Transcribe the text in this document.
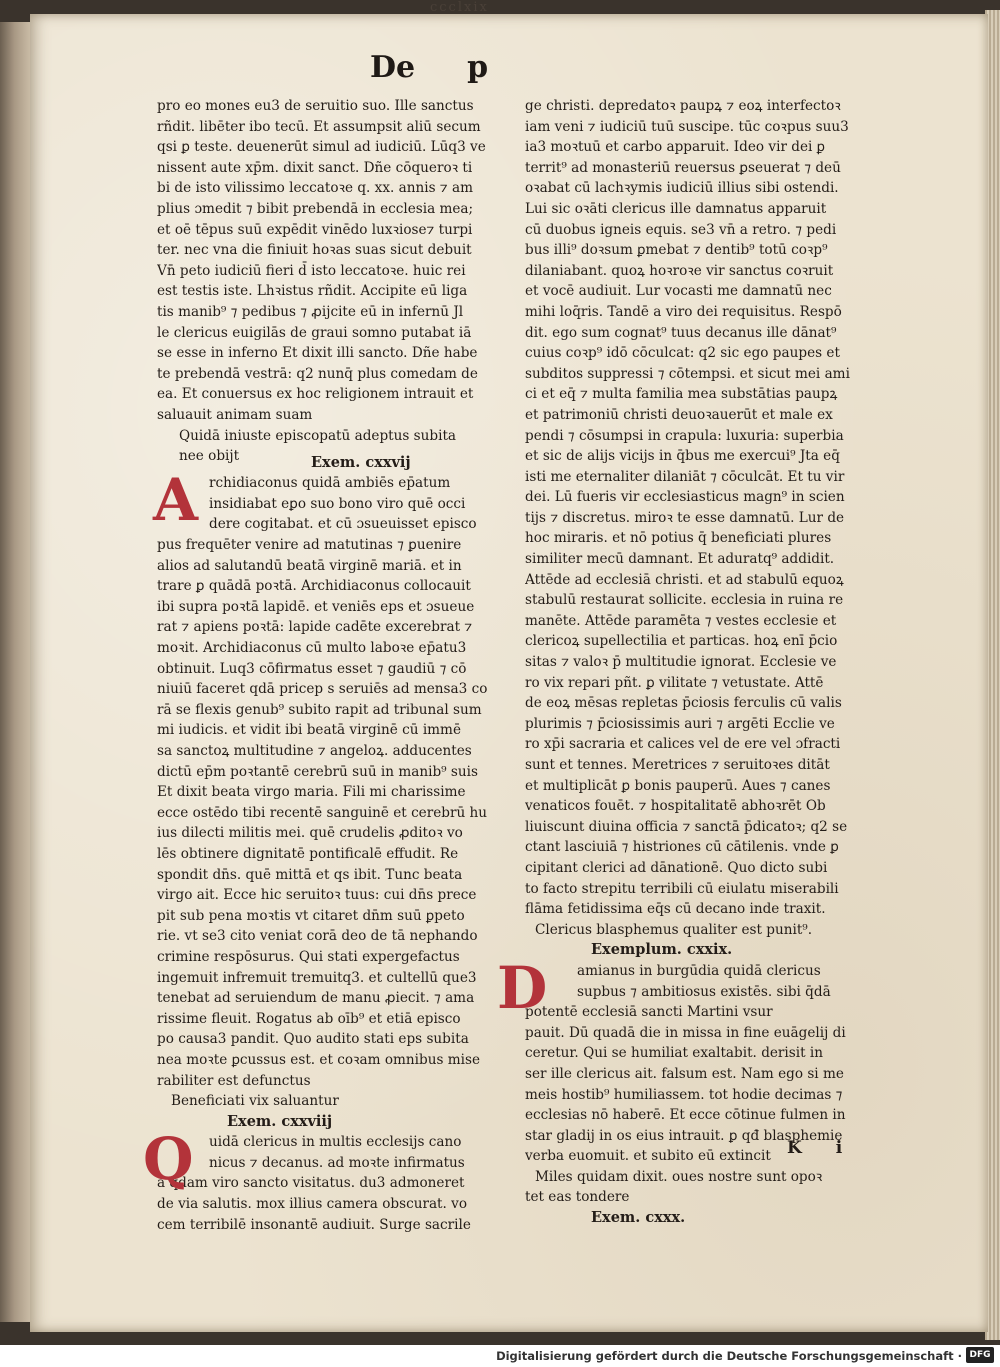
ccclxix
De p
pro eo mones eu3 de seruitio suo. Ille sanctus
rñdit. libēter ibo tecū. Et assumpsit aliū secum
qsi ꝑ teste. deuenerūt simul ad iudiciū. Lūq3 ve
nissent aute xp̄m. dixit sanct. Dñe cōqueroꝛ ti
bi de isto vilissimo leccatoꝛe q. xx. annis ⁊ am
plius ɔmedit ⁊ bibit prebendā in ecclesia mea;
et oē tēpus suū expēdit vinēdo luxꝛiose⁊ turpi
ter. nec vna die finiuit hoꝛas suas sicut debuit
Vn̄ peto iudiciū fieri d̄ isto leccatoꝛe. huic rei
est testis iste. Lhꝛistus rñdit. Accipite eū liga
tis manib⁹ ⁊ pedibus ⁊ ꝓijcite eū in infernū Jl
le clericus euigilās de graui somno putabat iā
se esse in inferno Et dixit illi sancto. Dñe habe
te prebendā vestrā: q2 nunq̄ plus comedam de
ea. Et conuersus ex hoc religionem intrauit et
saluauit animam suam
Quidā iniuste episcopatū adeptus subita
nee obijt	Exem. cxxvij
A rchidiaconus quidā ambiēs ep̄atum
insidiabat eꝑo suo bono viro quē occi
dere cogitabat. et cū ɔsueuisset episco
pus frequēter venire ad matutinas ⁊ ꝑuenire
alios ad salutandū beatā virginē mariā. et in
trare ꝑ quādā poꝛtā. Archidiaconus collocauit
ibi supra poꝛtā lapidē. et veniēs eps et ɔsueue
rat ⁊ apiens poꝛtā: lapide cadēte excerebrat ⁊
moꝛit. Archidiaconus cū multo laboꝛe ep̄atu3
obtinuit. Luq3 cōfirmatus esset ⁊ gaudiū ⁊ cō
niuiū faceret qdā pricep s seruiēs ad mensa3 co
rā se flexis genub⁹ subito rapit ad tribunal sum
mi iudicis. et vidit ibi beatā virginē cū immē
sa sanctoꝝ multitudine ⁊ angeloꝝ. adducentes
dictū ep̄m poꝛtantē cerebrū suū in manib⁹ suis
Et dixit beata virgo maria. Fili mi charissime
ecce ostēdo tibi recentē sanguinē et cerebrū hu
ius dilecti militis mei. quē crudelis ꝓditoꝛ vo
lēs obtinere dignitatē pontificalē effudit. Re
spondit dn̄s. quē mittā et qs ibit. Tunc beata
virgo ait. Ecce hic seruitoꝛ tuus: cui dn̄s prece
pit sub pena moꝛtis vt citaret dn̄m suū ꝑpeto
rie. vt se3 cito veniat corā deo de tā nephando
crimine respōsurus. Qui stati expergefactus
ingemuit infremuit tremuitq3. et cultellū que3
tenebat ad seruiendum de manu ꝓiecit. ⁊ ama
rissime fleuit. Rogatus ab oīb⁹ et etiā episco
po causa3 pandit. Quo audito stati eps subita
nea moꝛte ꝑcussus est. et coꝛam omnibus mise
rabiliter est defunctus
Beneficiati vix saluantur
Exem. cxxviij
Q	uidā clericus in multis ecclesijs cano
nicus ⁊ decanus. ad moꝛte infirmatus
a q̄dam viro sancto visitatus. du3 admoneret
de via salutis. mox illius camera obscurat. vo
cem terribilē insonantē audiuit. Surge sacrile
ge christi. depredatoꝛ paupꝝ ⁊ eoꝝ interfectoꝛ
iam veni ⁊ iudiciū tuū suscipe. tūc coꝛpus suu3
ia3 moꝛtuū et carbo apparuit. Ideo vir dei ꝑ
territ⁹ ad monasteriū reuersus ꝑseuerat ⁊ deū
oꝛabat cū lachꝛymis iudiciū illius sibi ostendi.
Lui sic oꝛāti clericus ille damnatus apparuit
cū duobus igneis equis. se3 vn̄ a retro. ⁊ pedi
bus illi⁹ doꝛsum ꝑmebat ⁊ dentib⁹ totū coꝛp⁹
dilaniabant. quoꝝ hoꝛroꝛe vir sanctus coꝛruit
et vocē audiuit. Lur vocasti me damnatū nec
mihi loq̄ris. Tandē a viro dei requisitus. Respō
dit. ego sum cognat⁹ tuus decanus ille dānat⁹
cuius coꝛp⁹ idō cōculcat: q2 sic ego paupes et
subditos suppressi ⁊ cōtempsi. et sicut mei ami
ci et eq̄ ⁊ multa familia mea substātias paupꝝ
et patrimoniū christi deuoꝛauerūt et male ex
pendi ⁊ cōsumpsi in crapula: luxuria: superbia
et sic de alijs vicijs in q̄bus me exercui⁹ Jta eq̄
isti me eternaliter dilaniāt ⁊ cōculcāt. Et tu vir
dei. Lū fueris vir ecclesiasticus magn⁹ in scien
tijs ⁊ discretus. miroꝛ te esse damnatū. Lur de
hoc miraris. et nō potius q̄ beneficiati plures
similiter mecū damnant. Et aduratq⁹ addidit.
Attēde ad ecclesiā christi. et ad stabulū equoꝝ
stabulū restaurat sollicite. ecclesia in ruina re
manēte. Attēde paramēta ⁊ vestes ecclesie et
clericoꝝ supellectilia et particas. hoꝝ enī p̄cio
sitas ⁊ valoꝛ p̄ multitudie ignorat. Ecclesie ve
ro vix repari pñt. ꝑ vilitate ⁊ vetustate. Attē
de eoꝝ mēsas repletas p̄ciosis ferculis cū valis
plurimis ⁊ p̄ciosissimis auri ⁊ argēti Ecclie ve
ro xp̄i sacraria et calices vel de ere vel ɔfracti
sunt et tennes. Meretrices ⁊ seruitoꝛes ditāt
et multiplicāt ꝑ bonis pauperū. Aues ⁊ canes
venaticos fouēt. ⁊ hospitalitatē abhoꝛrēt Ob
liuiscunt diuina officia ⁊ sanctā p̄dicatoꝛ; q2 se
ctant lasciuiā ⁊ histriones cū cātilenis. vnde ꝑ
cipitant clerici ad dānationē. Quo dicto subi
to facto strepitu terribili cū eiulatu miserabili
flāma fetidissima eq̄s cū decano inde traxit.
Clericus blasphemus qualiter est punit⁹.
Exemplum. cxxix.
D	amianus in burgūdia quidā clericus
supbus ⁊ ambitiosus existēs. sibi q̄dā
potentē ecclesiā sancti Martini vsur
pauit. Dū quadā die in missa in fine euāgelij di
ceretur. Qui se humiliat exaltabit. derisit in
ser ille clericus ait. falsum est. Nam ego si me
meis hostib⁹ humiliassem. tot hodie decimas ⁊
ecclesias nō haberē. Et ecce cōtinue fulmen in
star gladij in os eius intrauit. ꝑ qđ blasphemie
verba euomuit. et subito eū extincit
Miles quidam dixit. oues nostre sunt opoꝛ
tet eas tondere
Exem. cxxx.
K i
Digitalisierung gefördert durch die Deutsche Forschungsgemeinschaft · DFG
